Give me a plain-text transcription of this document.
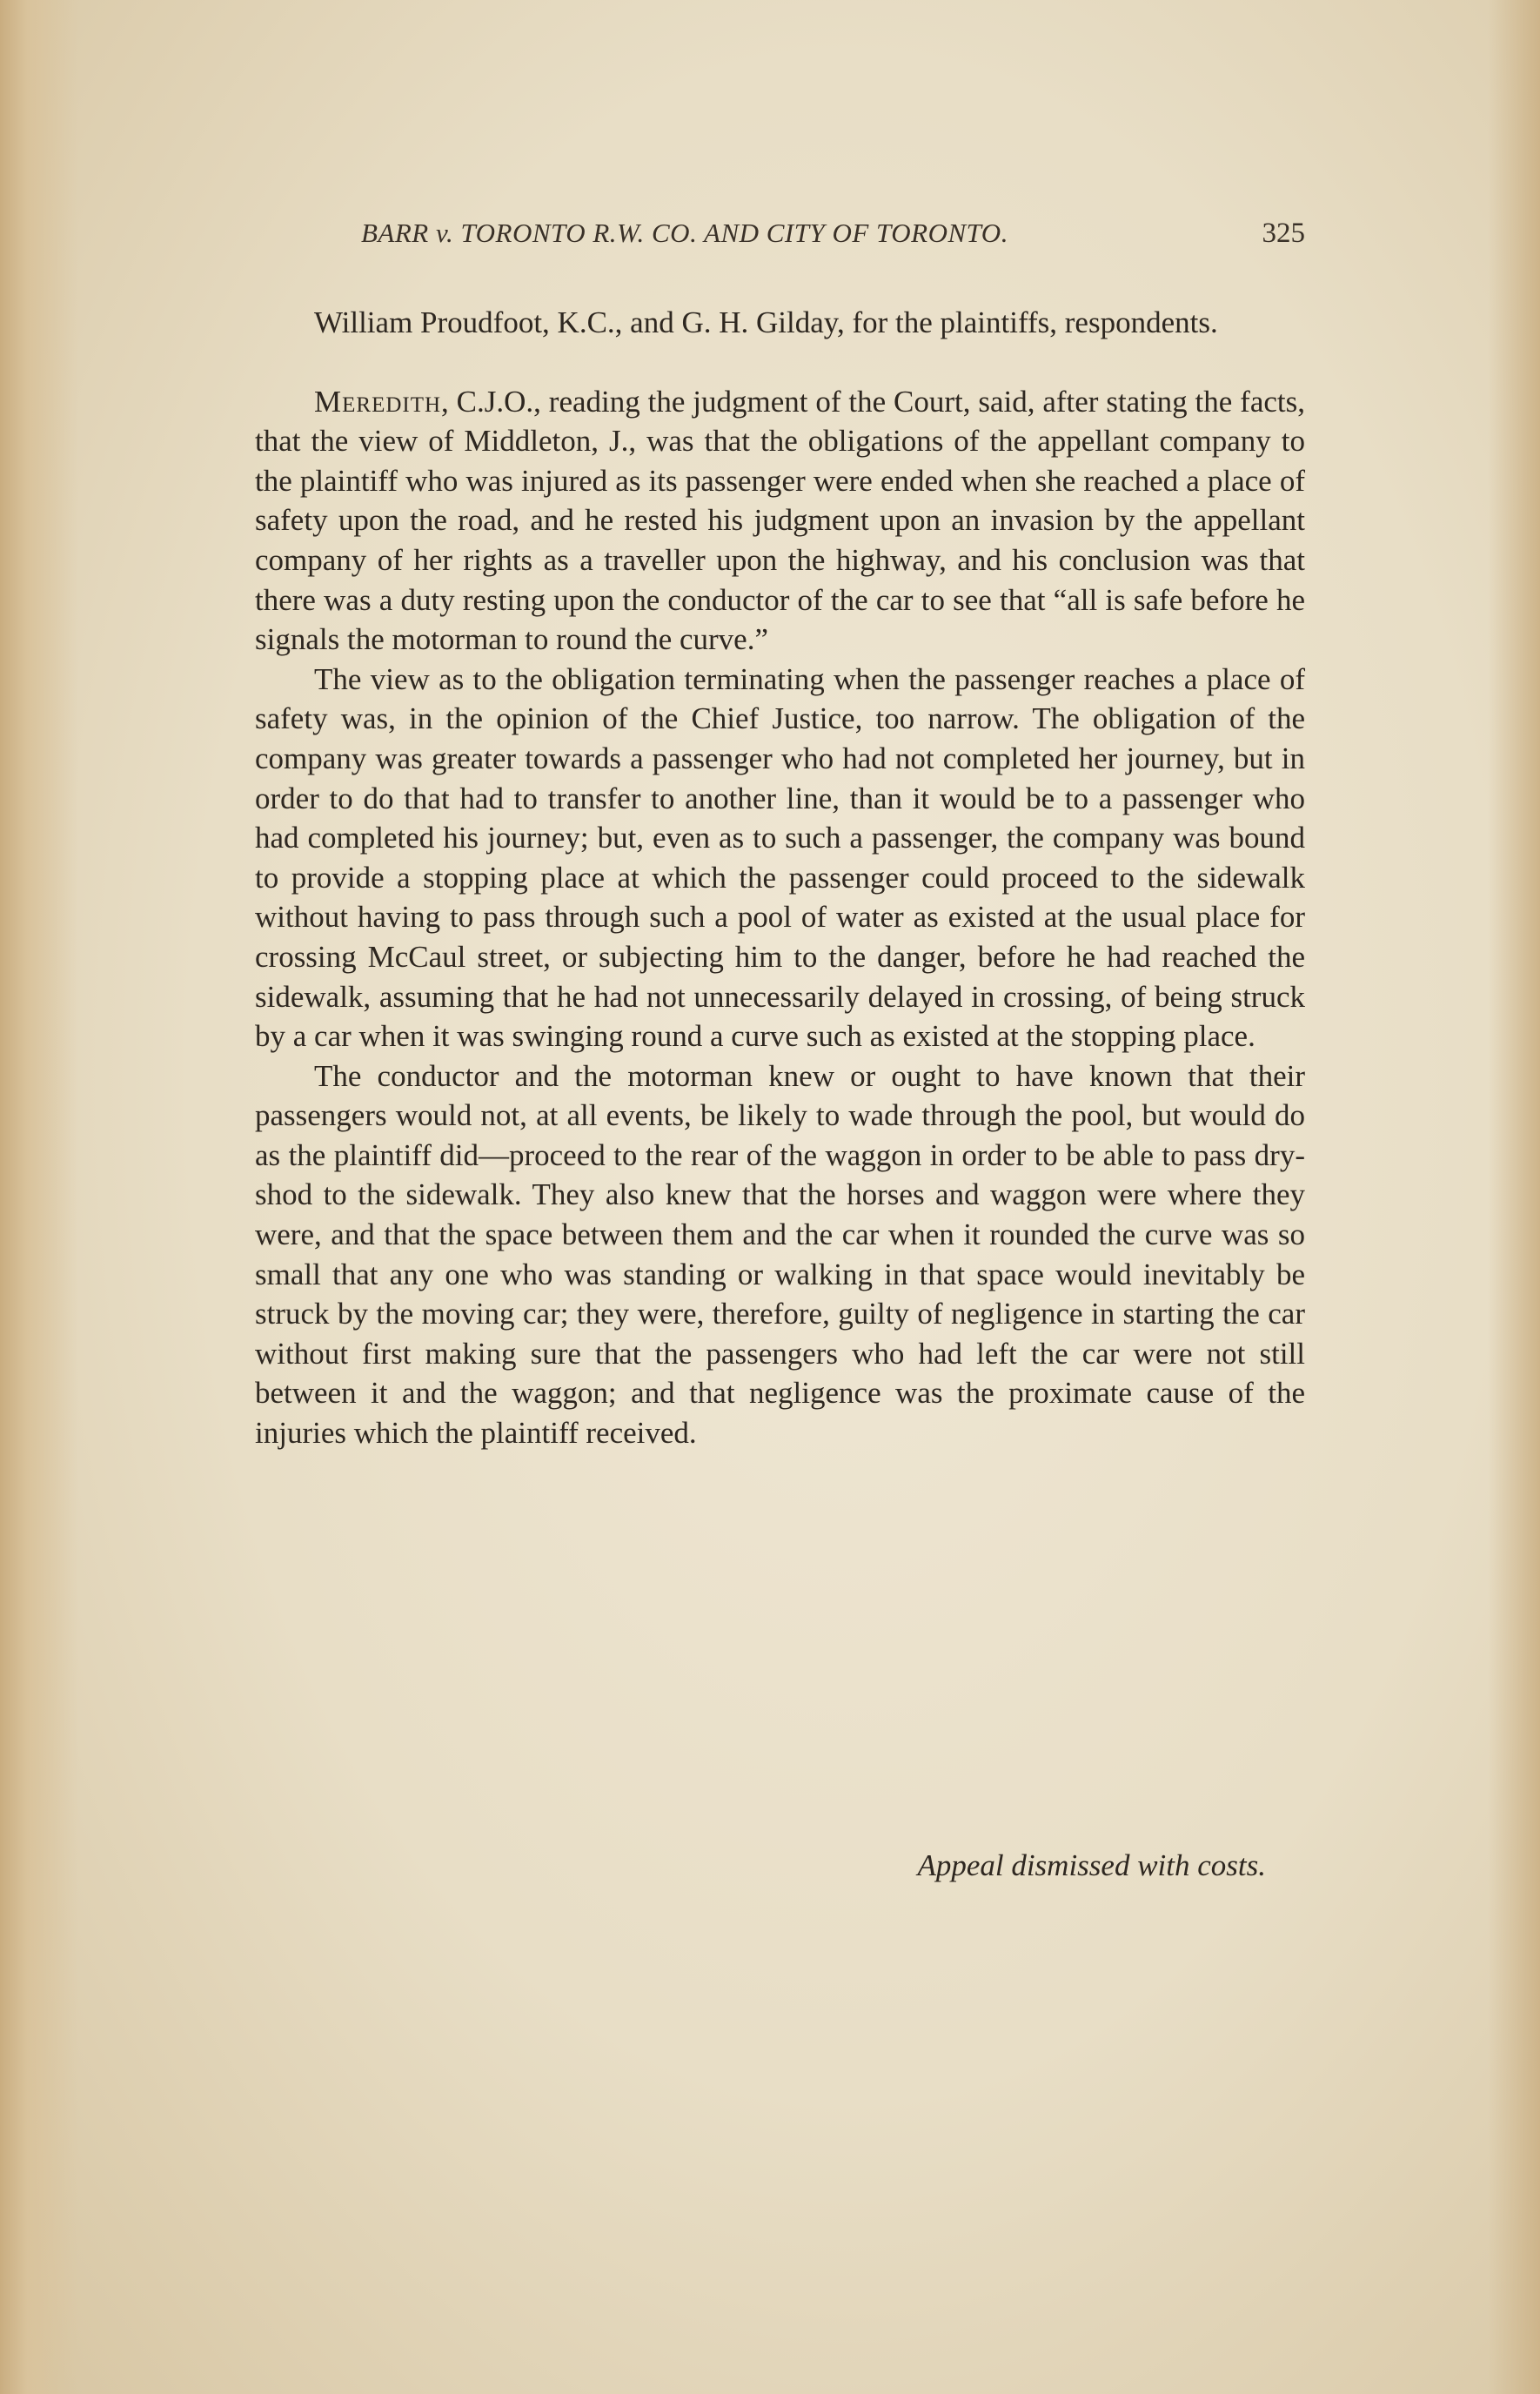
BARR v. TORONTO R.W. CO. AND CITY OF TORONTO.	325

William Proudfoot, K.C., and G. H. Gilday, for the plaintiffs, respondents.

Meredith, C.J.O., reading the judgment of the Court, said, after stating the facts, that the view of Middleton, J., was that the obligations of the appellant company to the plaintiff who was injured as its passenger were ended when she reached a place of safety upon the road, and he rested his judgment upon an invasion by the appellant company of her rights as a traveller upon the highway, and his conclusion was that there was a duty resting upon the conductor of the car to see that “all is safe before he signals the motorman to round the curve.”

The view as to the obligation terminating when the passenger reaches a place of safety was, in the opinion of the Chief Justice, too narrow. The obligation of the company was greater towards a passenger who had not completed her journey, but in order to do that had to transfer to another line, than it would be to a passenger who had completed his journey; but, even as to such a passenger, the company was bound to provide a stopping place at which the passenger could proceed to the sidewalk without having to pass through such a pool of water as existed at the usual place for crossing McCaul street, or subjecting him to the danger, before he had reached the sidewalk, assuming that he had not unnecessarily delayed in crossing, of being struck by a car when it was swinging round a curve such as existed at the stopping place.

The conductor and the motorman knew or ought to have known that their passengers would not, at all events, be likely to wade through the pool, but would do as the plaintiff did—proceed to the rear of the waggon in order to be able to pass dry-shod to the sidewalk. They also knew that the horses and waggon were where they were, and that the space between them and the car when it rounded the curve was so small that any one who was standing or walking in that space would inevitably be struck by the moving car; they were, therefore, guilty of negligence in starting the car without first making sure that the passengers who had left the car were not still between it and the waggon; and that negligence was the proximate cause of the injuries which the plaintiff received.

Appeal dismissed with costs.
